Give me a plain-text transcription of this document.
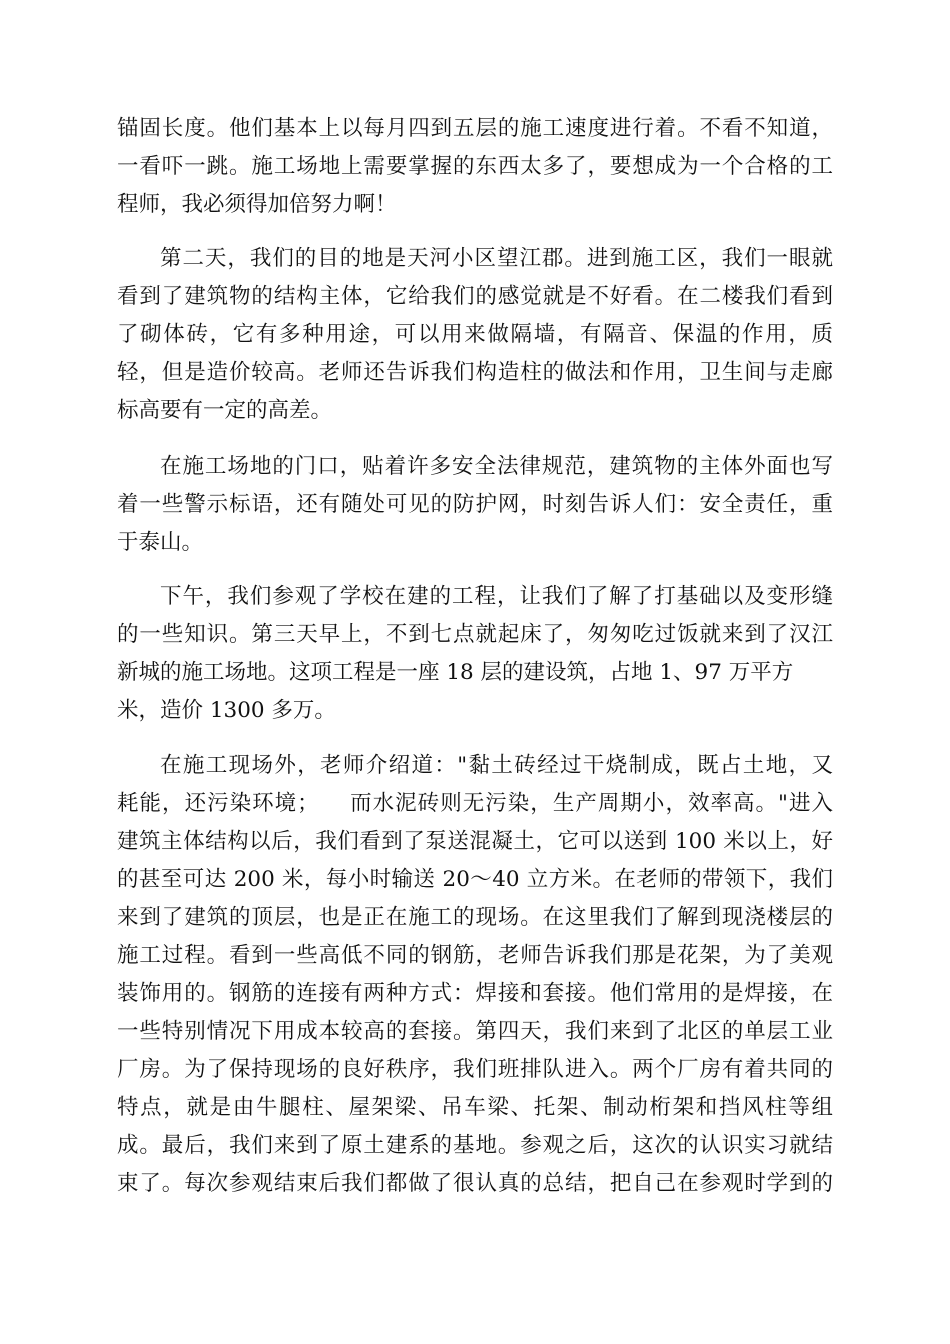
锚固长度。他们基本上以每月四到五层的施工速度进行着。不看不知道，
一看吓一跳。施工场地上需要掌握的东西太多了，要想成为一个合格的工
程师，我必须得加倍努力啊！
第二天，我们的目的地是天河小区望江郡。进到施工区，我们一眼就
看到了建筑物的结构主体，它给我们的感觉就是不好看。在二楼我们看到
了砌体砖，它有多种用途，可以用来做隔墙，有隔音、保温的作用，质
轻，但是造价较高。老师还告诉我们构造柱的做法和作用，卫生间与走廊
标高要有一定的高差。
在施工场地的门口，贴着许多安全法律规范，建筑物的主体外面也写
着一些警示标语，还有随处可见的防护网，时刻告诉人们：安全责任，重
于泰山。
下午，我们参观了学校在建的工程，让我们了解了打基础以及变形缝
的一些知识。第三天早上，不到七点就起床了，匆匆吃过饭就来到了汉江
新城的施工场地。这项工程是一座 18 层的建设筑，占地 1、97 万平方
米，造价 1300 多万。
在施工现场外，老师介绍道："黏土砖经过干烧制成，既占土地，又
耗能，还污染环境；    而水泥砖则无污染，生产周期小，效率高。"进入
建筑主体结构以后，我们看到了泵送混凝土，它可以送到 100 米以上，好
的甚至可达 200 米，每小时输送 20～40 立方米。在老师的带领下，我们
来到了建筑的顶层，也是正在施工的现场。在这里我们了解到现浇楼层的
施工过程。看到一些高低不同的钢筋，老师告诉我们那是花架，为了美观
装饰用的。钢筋的连接有两种方式：焊接和套接。他们常用的是焊接，在
一些特别情况下用成本较高的套接。第四天，我们来到了北区的单层工业
厂房。为了保持现场的良好秩序，我们班排队进入。两个厂房有着共同的
特点，就是由牛腿柱、屋架梁、吊车梁、托架、制动桁架和挡风柱等组
成。最后，我们来到了原土建系的基地。参观之后，这次的认识实习就结
束了。每次参观结束后我们都做了很认真的总结，把自己在参观时学到的
